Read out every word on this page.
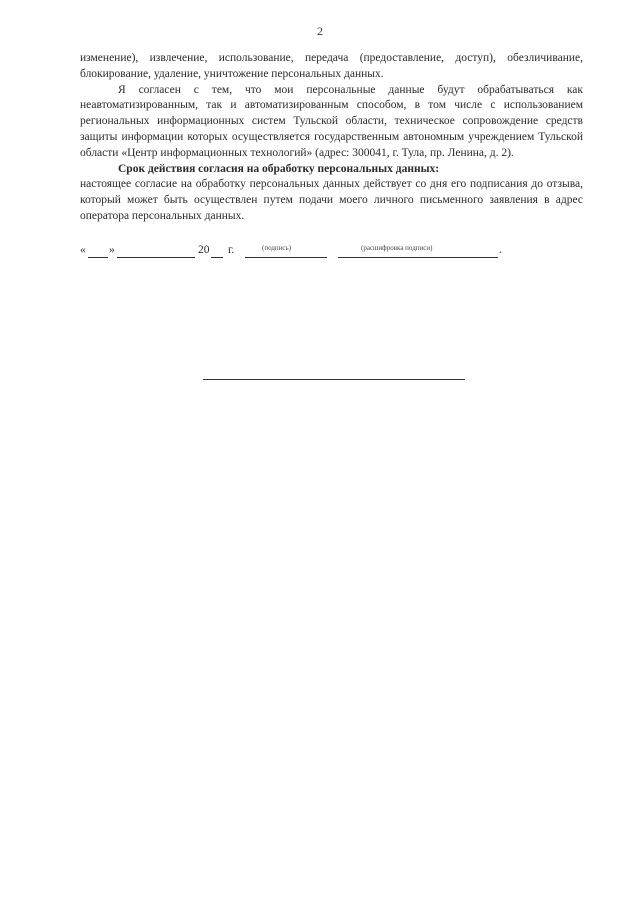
2

изменение), извлечение, использование, передача (предоставление, доступ), обезличивание, блокирование, удаление, уничтожение персональных данных.

Я согласен с тем, что мои персональные данные будут обрабатываться как неавтоматизированным, так и автоматизированным способом, в том числе с использованием региональных информационных систем Тульской области, техническое сопровождение средств защиты информации которых осуществляется государственным автономным учреждением Тульской области «Центр информационных технологий» (адрес: 300041, г. Тула, пр. Ленина, д. 2).

Срок действия согласия на обработку персональных данных:

настоящее согласие на обработку персональных данных действует со дня его подписания до отзыва, который может быть осуществлен путем подачи моего личного письменного заявления в адрес оператора персональных данных.

« »	20 г.	(подпись)	.
(расшифровка подписи)
